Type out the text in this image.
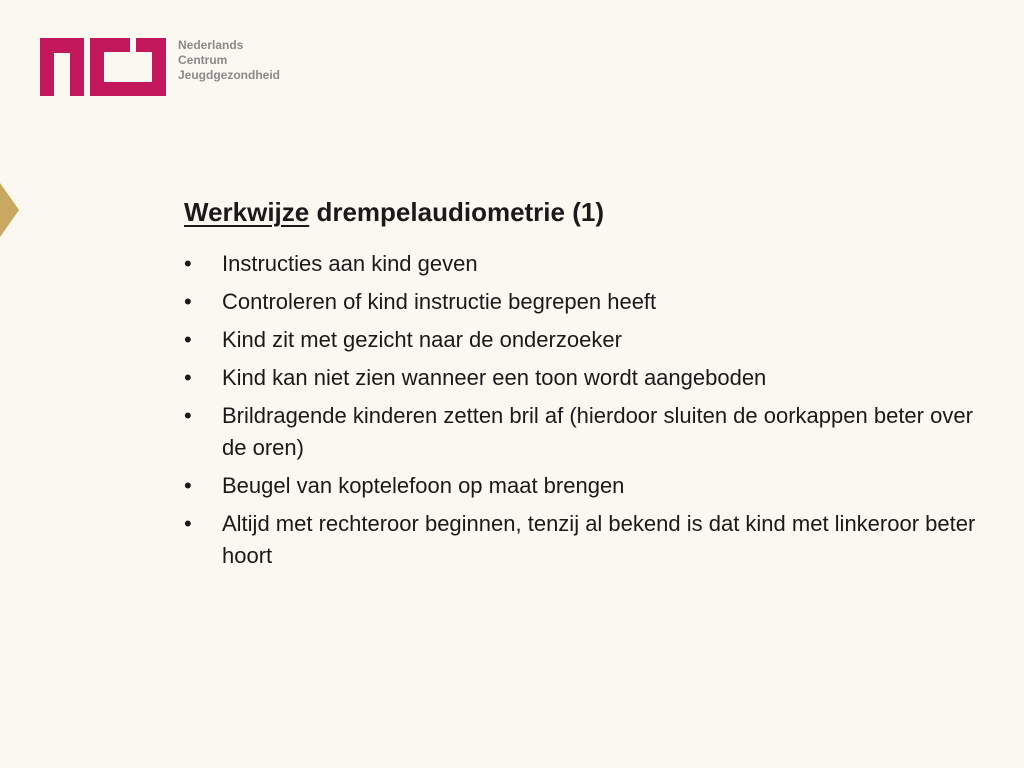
Nederlands
Centrum
Jeugdgezondheid
Werkwijze drempelaudiometrie (1)
• Instructies aan kind geven
• Controleren of kind instructie begrepen heeft
• Kind zit met gezicht naar de onderzoeker
• Kind kan niet zien wanneer een toon wordt aangeboden
• Brildragende kinderen zetten bril af (hierdoor sluiten de oorkappen beter over de oren)
• Beugel van koptelefoon op maat brengen
• Altijd met rechteroor beginnen, tenzij al bekend is dat kind met linkeroor beter hoort
